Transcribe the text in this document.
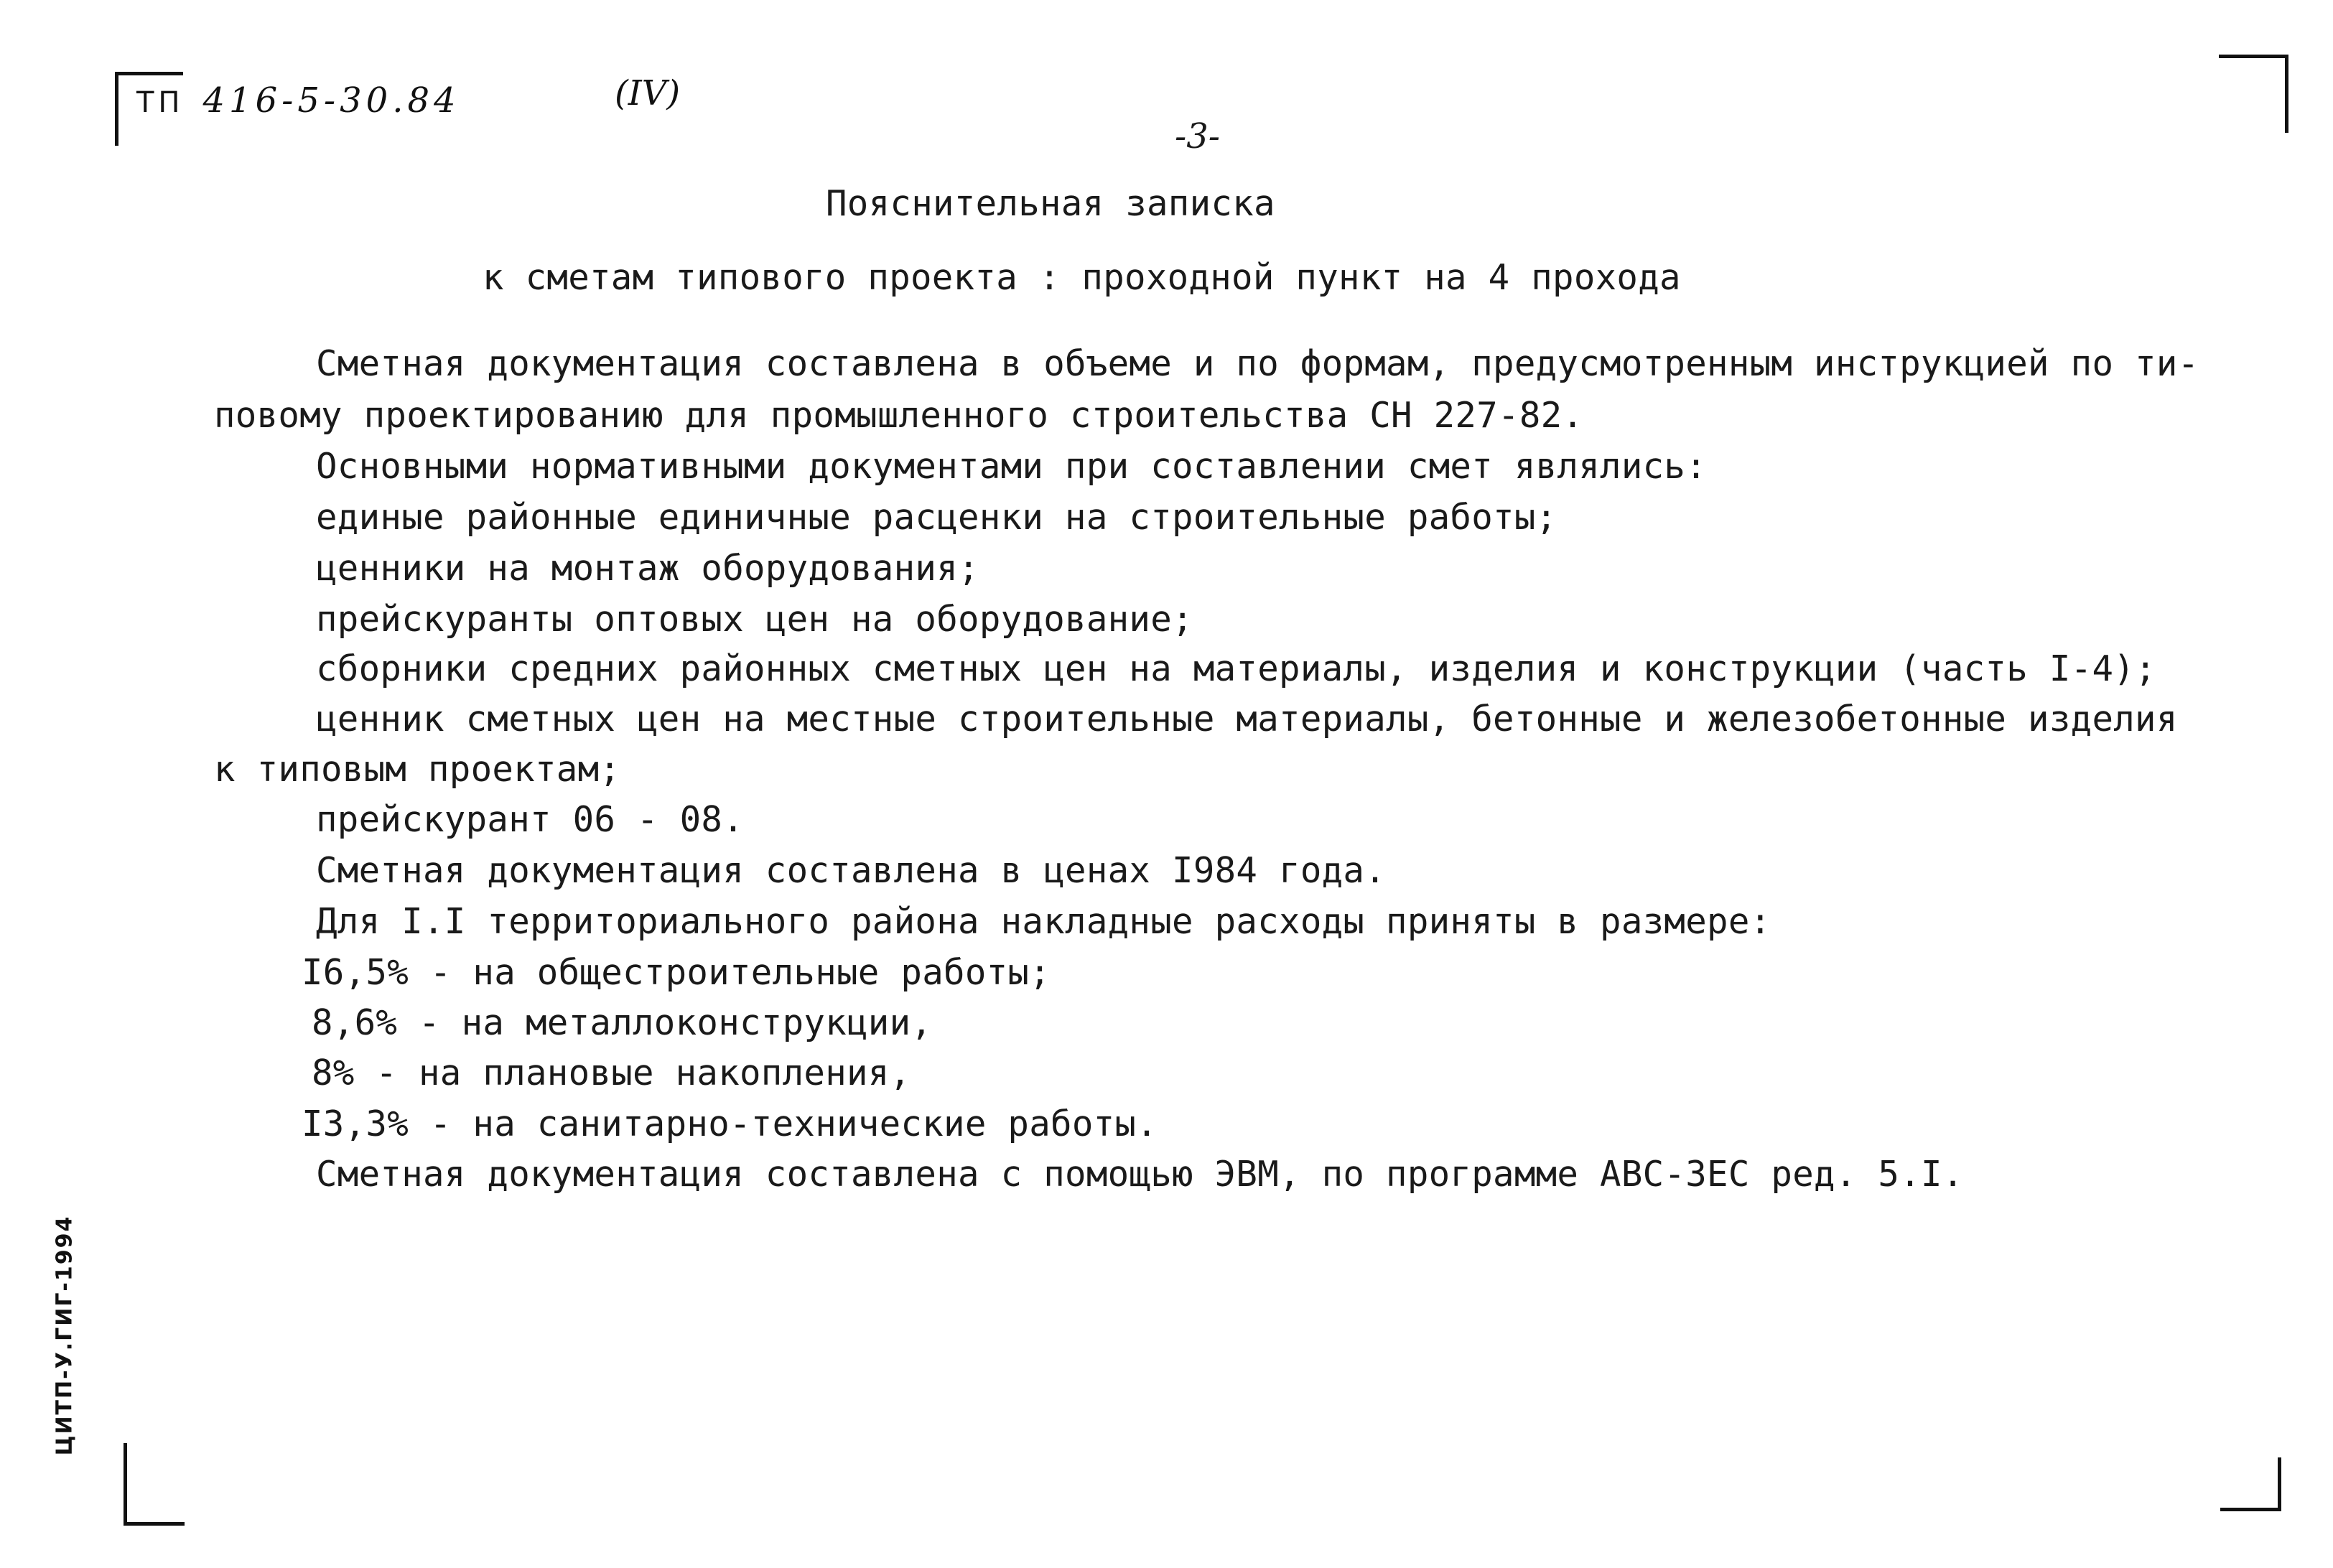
ТП 416-5-30.84	(IV)
-3-
Пояснительная записка
к сметам типового проекта : проходной пункт на 4 прохода
Сметная документация составлена в объеме и по формам, предусмотренным инструкцией по ти-
повому проектированию для промышленного строительства СН 227-82.
Основными нормативными документами при составлении смет являлись:
единые районные единичные расценки на строительные работы;
ценники на монтаж оборудования;
прейскуранты оптовых цен на оборудование;
сборники средних районных сметных цен на материалы, изделия и конструкции (часть I-4);
ценник сметных цен на местные строительные материалы, бетонные и железобетонные изделия
к типовым проектам;
прейскурант 06 - 08.
Сметная документация составлена в ценах I984 года.
Для I.I территориального района накладные расходы приняты в размере:
I6,5% - на общестроительные работы;
8,6% - на металлоконструкции,
8% - на плановые накопления,
I3,3% - на санитарно-технические работы.
Сметная документация составлена с помощью ЭВМ, по программе АВС-3ЕС ред. 5.I.
ЦИТП-У.ГИГ-1994
